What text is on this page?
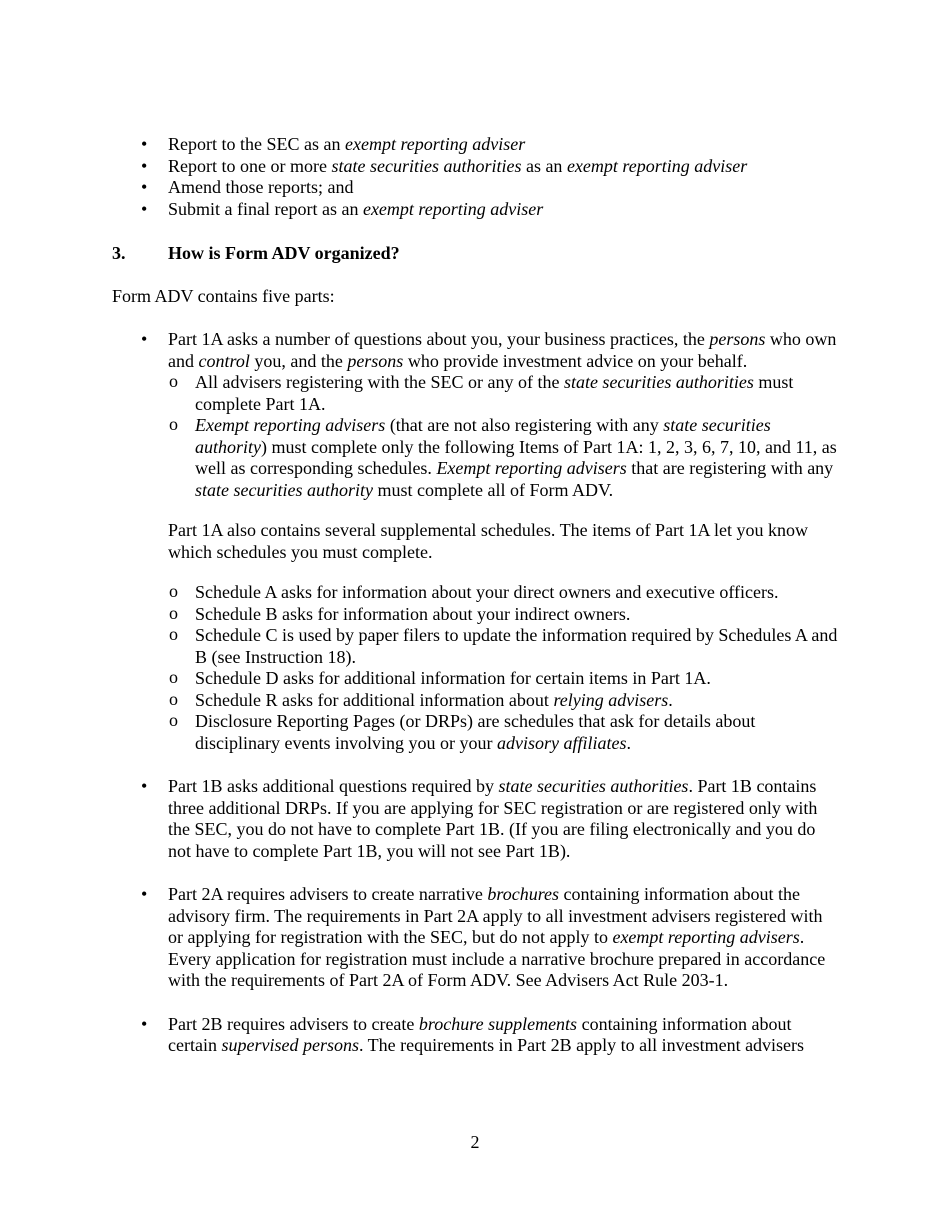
• Report to the SEC as an exempt reporting adviser
• Report to one or more state securities authorities as an exempt reporting adviser
• Amend those reports; and
• Submit a final report as an exempt reporting adviser
3.	How is Form ADV organized?
Form ADV contains five parts:
• Part 1A asks a number of questions about you, your business practices, the persons who own and control you, and the persons who provide investment advice on your behalf.
o All advisers registering with the SEC or any of the state securities authorities must complete Part 1A.
o Exempt reporting advisers (that are not also registering with any state securities authority) must complete only the following Items of Part 1A: 1, 2, 3, 6, 7, 10, and 11, as well as corresponding schedules. Exempt reporting advisers that are registering with any state securities authority must complete all of Form ADV.
Part 1A also contains several supplemental schedules. The items of Part 1A let you know which schedules you must complete.
o Schedule A asks for information about your direct owners and executive officers.
o Schedule B asks for information about your indirect owners.
o Schedule C is used by paper filers to update the information required by Schedules A and B (see Instruction 18).
o Schedule D asks for additional information for certain items in Part 1A.
o Schedule R asks for additional information about relying advisers.
o Disclosure Reporting Pages (or DRPs) are schedules that ask for details about disciplinary events involving you or your advisory affiliates.
• Part 1B asks additional questions required by state securities authorities. Part 1B contains three additional DRPs. If you are applying for SEC registration or are registered only with the SEC, you do not have to complete Part 1B. (If you are filing electronically and you do not have to complete Part 1B, you will not see Part 1B).
• Part 2A requires advisers to create narrative brochures containing information about the advisory firm. The requirements in Part 2A apply to all investment advisers registered with or applying for registration with the SEC, but do not apply to exempt reporting advisers. Every application for registration must include a narrative brochure prepared in accordance with the requirements of Part 2A of Form ADV. See Advisers Act Rule 203-1.
• Part 2B requires advisers to create brochure supplements containing information about certain supervised persons. The requirements in Part 2B apply to all investment advisers
2
